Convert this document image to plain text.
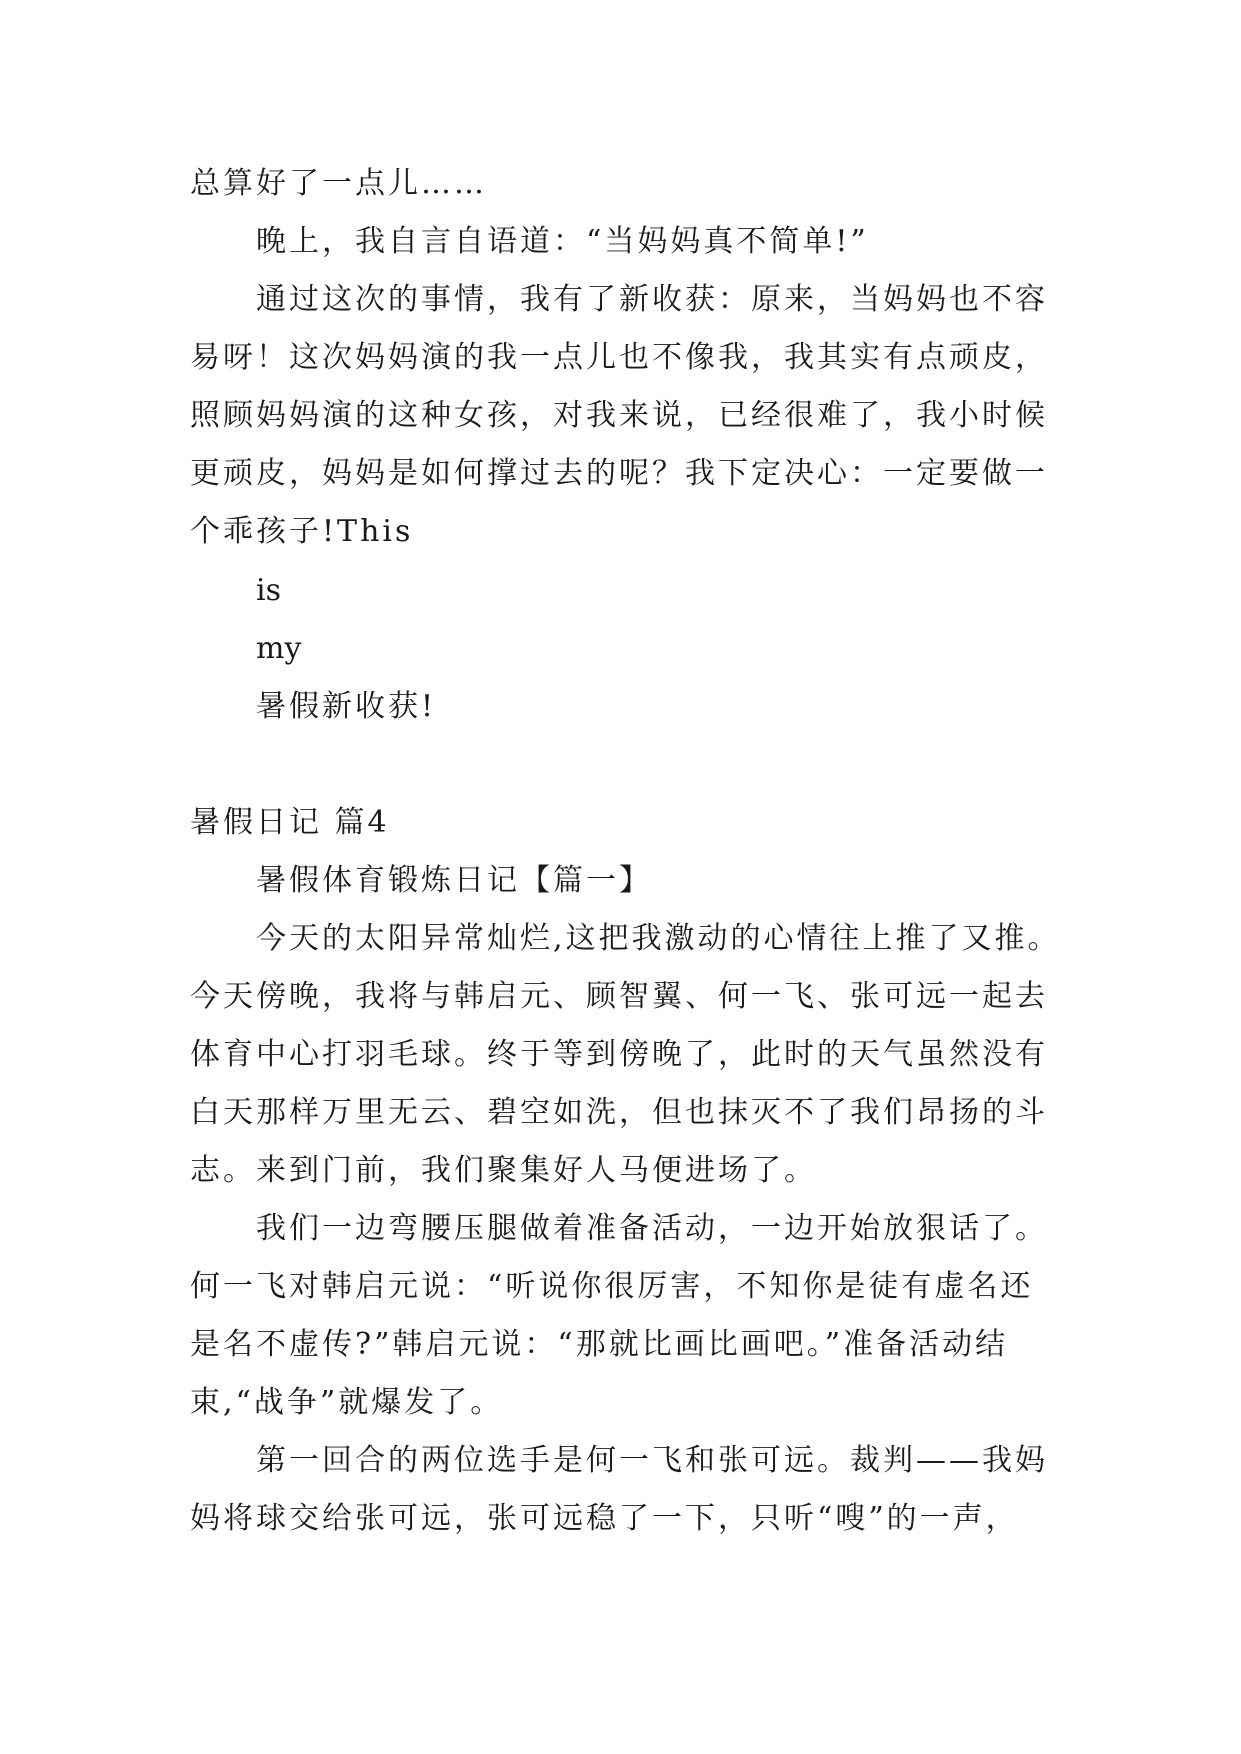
总算好了一点儿……

晚上，我自言自语道：“当妈妈真不简单!”

通过这次的事情，我有了新收获：原来，当妈妈也不容

易呀！这次妈妈演的我一点儿也不像我，我其实有点顽皮，

照顾妈妈演的这种女孩，对我来说，已经很难了，我小时候

更顽皮，妈妈是如何撑过去的呢？我下定决心：一定要做一

个乖孩子!This

is

my

暑假新收获!

暑假日记 篇4

暑假体育锻炼日记【篇一】

今天的太阳异常灿烂,这把我激动的心情往上推了又推。

今天傍晚，我将与韩启元、顾智翼、何一飞、张可远一起去

体育中心打羽毛球。终于等到傍晚了，此时的天气虽然没有

白天那样万里无云、碧空如洗，但也抹灭不了我们昂扬的斗

志。来到门前，我们聚集好人马便进场了。

我们一边弯腰压腿做着准备活动，一边开始放狠话了。

何一飞对韩启元说：“听说你很厉害，不知你是徒有虚名还

是名不虚传?”韩启元说：“那就比画比画吧。”准备活动结

束,“战争”就爆发了。

第一回合的两位选手是何一飞和张可远。裁判——我妈

妈将球交给张可远，张可远稳了一下，只听“嗖”的一声，
